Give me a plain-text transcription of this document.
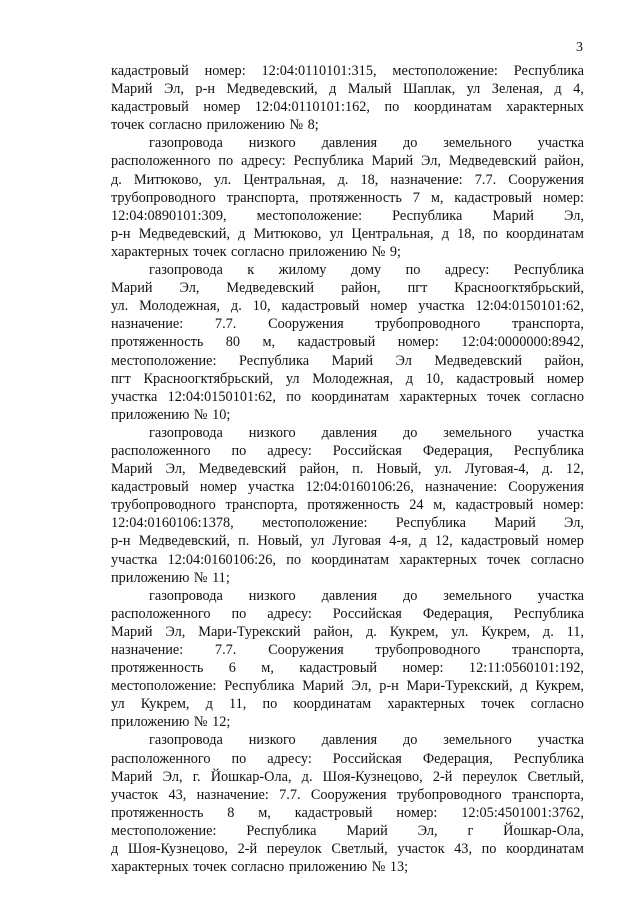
3
кадастровый номер: 12:04:0110101:315, местоположение: Республика
Марий Эл, р-н Медведевский, д Малый Шаплак, ул Зеленая, д 4,
кадастровый номер 12:04:0110101:162, по координатам характерных
точек согласно приложению № 8;
газопровода низкого давления до земельного участка
расположенного по адресу: Республика Марий Эл, Медведевский район,
д. Митюково, ул. Центральная, д. 18, назначение: 7.7. Сооружения
трубопроводного транспорта, протяженность 7 м, кадастровый номер:
12:04:0890101:309, местоположение: Республика Марий Эл,
р-н Медведевский, д Митюково, ул Центральная, д 18, по координатам
характерных точек согласно приложению № 9;
газопровода к жилому дому по адресу: Республика
Марий Эл, Медведевский район, пгт Красноогктябрьский,
ул. Молодежная, д. 10, кадастровый номер участка 12:04:0150101:62,
назначение: 7.7. Сооружения трубопроводного транспорта,
протяженность 80 м, кадастровый номер: 12:04:0000000:8942,
местоположение: Республика Марий Эл Медведевский район,
пгт Красноогктябрьский, ул Молодежная, д 10, кадастровый номер
участка 12:04:0150101:62, по координатам характерных точек согласно
приложению № 10;
газопровода низкого давления до земельного участка
расположенного по адресу: Российская Федерация, Республика
Марий Эл, Медведевский район, п. Новый, ул. Луговая-4, д. 12,
кадастровый номер участка 12:04:0160106:26, назначение: Сооружения
трубопроводного транспорта, протяженность 24 м, кадастровый номер:
12:04:0160106:1378, местоположение: Республика Марий Эл,
р-н Медведевский, п. Новый, ул Луговая 4-я, д 12, кадастровый номер
участка 12:04:0160106:26, по координатам характерных точек согласно
приложению № 11;
газопровода низкого давления до земельного участка
расположенного по адресу: Российская Федерация, Республика
Марий Эл, Мари-Турекский район, д. Кукрем, ул. Кукрем, д. 11,
назначение: 7.7. Сооружения трубопроводного транспорта,
протяженность 6 м, кадастровый номер: 12:11:0560101:192,
местоположение: Республика Марий Эл, р-н Мари-Турекский, д Кукрем,
ул Кукрем, д 11, по координатам характерных точек согласно
приложению № 12;
газопровода низкого давления до земельного участка
расположенного по адресу: Российская Федерация, Республика
Марий Эл, г. Йошкар-Ола, д. Шоя-Кузнецово, 2-й переулок Светлый,
участок 43, назначение: 7.7. Сооружения трубопроводного транспорта,
протяженность 8 м, кадастровый номер: 12:05:4501001:3762,
местоположение: Республика Марий Эл, г Йошкар-Ола,
д Шоя-Кузнецово, 2-й переулок Светлый, участок 43, по координатам
характерных точек согласно приложению № 13;
